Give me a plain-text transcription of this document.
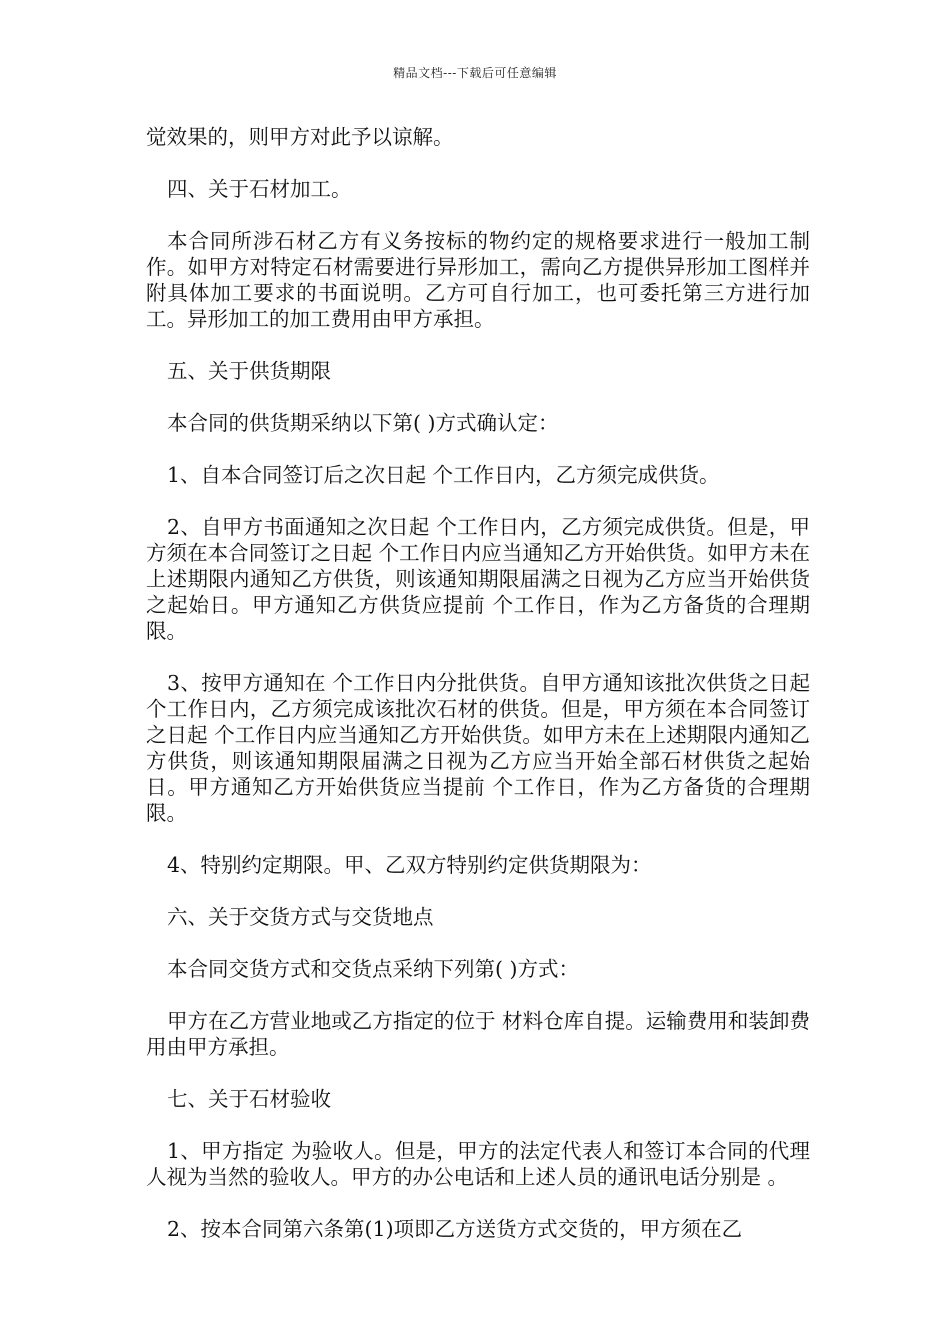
精品文档---下载后可任意编辑

觉效果的，则甲方对此予以谅解。

四、关于石材加工。

本合同所涉石材乙方有义务按标的物约定的规格要求进行一般加工制作。如甲方对特定石材需要进行异形加工，需向乙方提供异形加工图样并附具体加工要求的书面说明。乙方可自行加工，也可委托第三方进行加工。异形加工的加工费用由甲方承担。

五、关于供货期限

本合同的供货期采纳以下第( )方式确认定：

1、自本合同签订后之次日起 个工作日内，乙方须完成供货。

2、自甲方书面通知之次日起 个工作日内，乙方须完成供货。但是，甲方须在本合同签订之日起 个工作日内应当通知乙方开始供货。如甲方未在上述期限内通知乙方供货，则该通知期限届满之日视为乙方应当开始供货之起始日。甲方通知乙方供货应提前 个工作日，作为乙方备货的合理期限。

3、按甲方通知在 个工作日内分批供货。自甲方通知该批次供货之日起 个工作日内，乙方须完成该批次石材的供货。但是，甲方须在本合同签订之日起 个工作日内应当通知乙方开始供货。如甲方未在上述期限内通知乙方供货，则该通知期限届满之日视为乙方应当开始全部石材供货之起始日。甲方通知乙方开始供货应当提前 个工作日，作为乙方备货的合理期限。

4、特别约定期限。甲、乙双方特别约定供货期限为：

六、关于交货方式与交货地点

本合同交货方式和交货点采纳下列第( )方式：

甲方在乙方营业地或乙方指定的位于 材料仓库自提。运输费用和装卸费用由甲方承担。

七、关于石材验收

1、甲方指定 为验收人。但是，甲方的法定代表人和签订本合同的代理人视为当然的验收人。甲方的办公电话和上述人员的通讯电话分别是 。

2、按本合同第六条第(1)项即乙方送货方式交货的，甲方须在乙
